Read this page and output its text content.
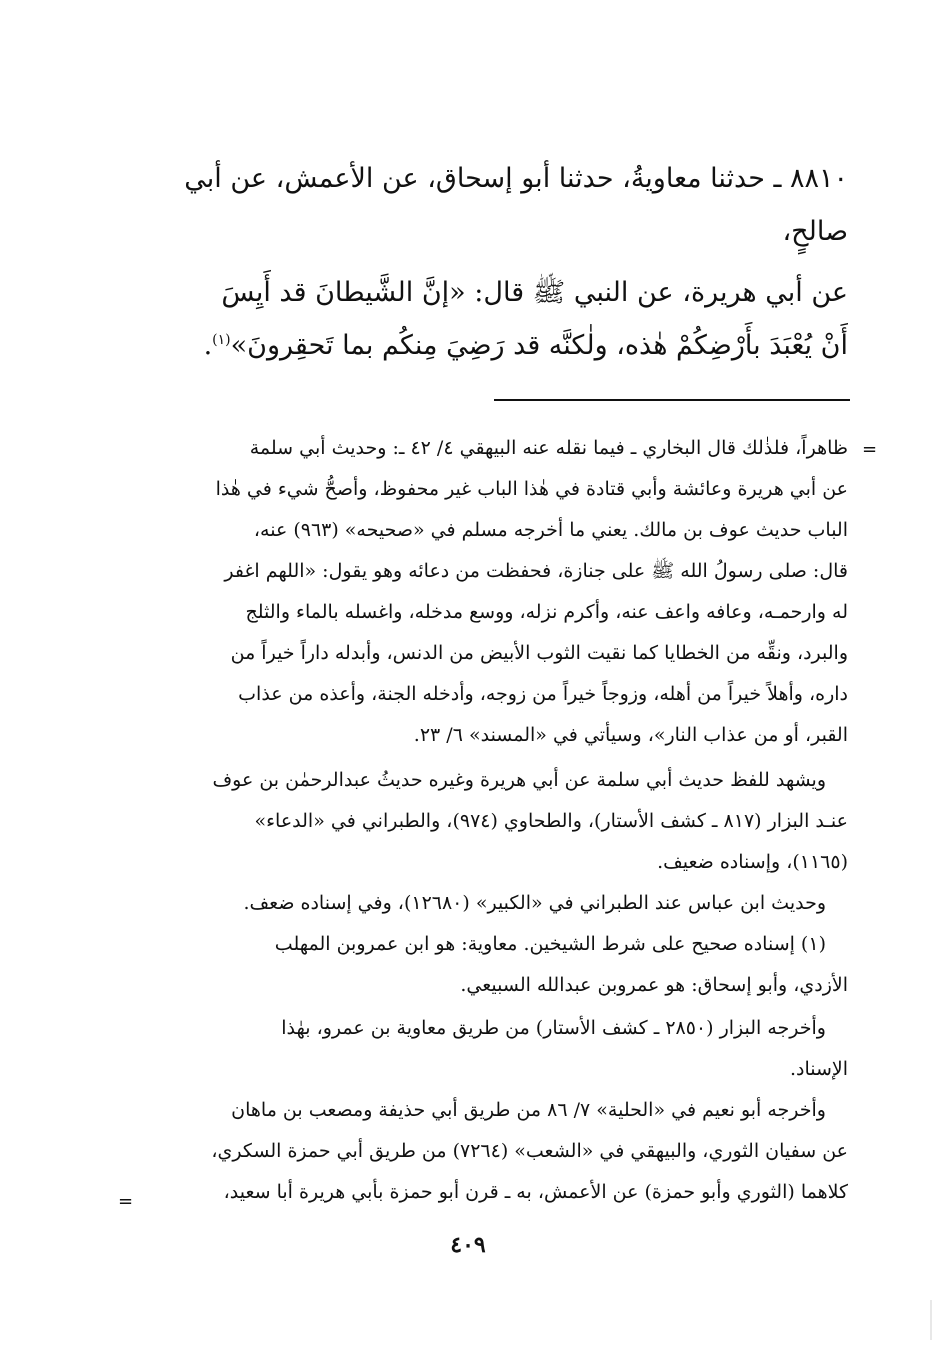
٨٨١٠ ـ حدثنا معاويةُ، حدثنا أبو إسحاق، عن الأعمش، عن أبي
صالحٍ،
عن أبي هريرة، عن النبي ﷺ قال: «إنَّ الشَّيطانَ قد أَيِسَ
أَنْ يُعْبَدَ بأَرْضِكُمْ هٰذه، ولٰكنَّه قد رَضِيَ مِنكُم بما تَحقِرونَ»$^{(١)}$.
=
=
ظاهراً، فلذٰلك قال البخاري ـ فيما نقله عنه البيهقي ٤/ ٤٢ ـ: وحديث أبي سلمة
عن أبي هريرة وعائشة وأبي قتادة في هٰذا الباب غير محفوظ، وأصحُّ شيء في هٰذا
الباب حديث عوف بن مالك. يعني ما أخرجه مسلم في «صحيحه» (٩٦٣) عنه،
قال: صلى رسولُ الله ﷺ على جنازة، فحفظت من دعائه وهو يقول: «اللهم اغفر
له وارحمـه، وعافه واعف عنه، وأكرم نزله، ووسع مدخله، واغسله بالماء والثلج
والبرد، ونقِّه من الخطايا كما نقيت الثوب الأبيض من الدنس، وأبدله داراً خيراً من
داره، وأهلاً خيراً من أهله، وزوجاً خيراً من زوجه، وأدخله الجنة، وأعذه من عذاب
القبر، أو من عذاب النار»، وسيأتي في «المسند» ٦/ ٢٣.
ويشهد للفظ حديث أبي سلمة عن أبي هريرة وغيره حديثُ عبدالرحمٰن بن عوف
عنـد البزار (٨١٧ ـ كشف الأستار)، والطحاوي (٩٧٤)، والطبراني في «الدعاء»
(١١٦٥)، وإسناده ضعيف.
وحديث ابن عباس عند الطبراني في «الكبير» (١٢٦٨٠)، وفي إسناده ضعف.
(١) إسناده صحيح على شرط الشيخين. معاوية: هو ابن عمروبن المهلب
الأزدي، وأبو إسحاق: هو عمروبن عبدالله السبيعي.
وأخرجه البزار (٢٨٥٠ ـ كشف الأستار) من طريق معاوية بن عمرو، بهٰذا
الإسناد.
وأخرجه أبو نعيم في «الحلية» ٧/ ٨٦ من طريق أبي حذيفة ومصعب بن ماهان
عن سفيان الثوري، والبيهقي في «الشعب» (٧٢٦٤) من طريق أبي حمزة السكري،
كلاهما (الثوري وأبو حمزة) عن الأعمش، به ـ قرن أبو حمزة بأبي هريرة أبا سعيد،
٤٠٩
